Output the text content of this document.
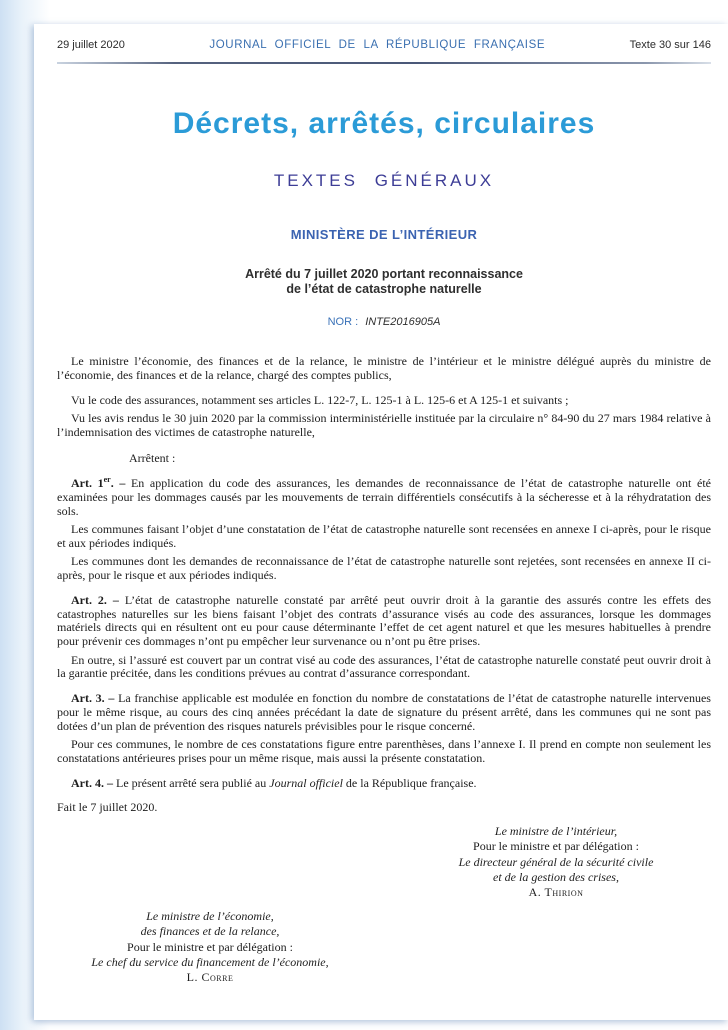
29 juillet 2020	JOURNAL OFFICIEL DE LA RÉPUBLIQUE FRANÇAISE	Texte 30 sur 146
Décrets, arrêtés, circulaires
TEXTES GÉNÉRAUX
MINISTÈRE DE L’INTÉRIEUR
Arrêté du 7 juillet 2020 portant reconnaissance
de l’état de catastrophe naturelle
NOR : INTE2016905A

Le ministre l’économie, des finances et de la relance, le ministre de l’intérieur et le ministre délégué auprès du ministre de l’économie, des finances et de la relance, chargé des comptes publics,

Vu le code des assurances, notamment ses articles L. 122-7, L. 125-1 à L. 125-6 et A 125-1 et suivants ;

Vu les avis rendus le 30 juin 2020 par la commission interministérielle instituée par la circulaire n° 84-90 du 27 mars 1984 relative à l’indemnisation des victimes de catastrophe naturelle,

Arrêtent :

Art. 1er. – En application du code des assurances, les demandes de reconnaissance de l’état de catastrophe naturelle ont été examinées pour les dommages causés par les mouvements de terrain différentiels consécutifs à la sécheresse et à la réhydratation des sols.

Les communes faisant l’objet d’une constatation de l’état de catastrophe naturelle sont recensées en annexe I ci-après, pour le risque et aux périodes indiqués.

Les communes dont les demandes de reconnaissance de l’état de catastrophe naturelle sont rejetées, sont recensées en annexe II ci-après, pour le risque et aux périodes indiqués.

Art. 2. – L’état de catastrophe naturelle constaté par arrêté peut ouvrir droit à la garantie des assurés contre les effets des catastrophes naturelles sur les biens faisant l’objet des contrats d’assurance visés au code des assurances, lorsque les dommages matériels directs qui en résultent ont eu pour cause déterminante l’effet de cet agent naturel et que les mesures habituelles à prendre pour prévenir ces dommages n’ont pu empêcher leur survenance ou n’ont pu être prises.

En outre, si l’assuré est couvert par un contrat visé au code des assurances, l’état de catastrophe naturelle constaté peut ouvrir droit à la garantie précitée, dans les conditions prévues au contrat d’assurance correspondant.

Art. 3. – La franchise applicable est modulée en fonction du nombre de constatations de l’état de catastrophe naturelle intervenues pour le même risque, au cours des cinq années précédant la date de signature du présent arrêté, dans les communes qui ne sont pas dotées d’un plan de prévention des risques naturels prévisibles pour le risque concerné.

Pour ces communes, le nombre de ces constatations figure entre parenthèses, dans l’annexe I. Il prend en compte non seulement les constatations antérieures prises pour un même risque, mais aussi la présente constatation.

Art. 4. – Le présent arrêté sera publié au Journal officiel de la République française.

Fait le 7 juillet 2020.

Le ministre de l’intérieur,
Pour le ministre et par délégation :
Le directeur général de la sécurité civile
et de la gestion des crises,
A. Thirion
Le ministre de l’économie,
des finances et de la relance,
Pour le ministre et par délégation :
Le chef du service du financement de l’économie,
L. Corre
